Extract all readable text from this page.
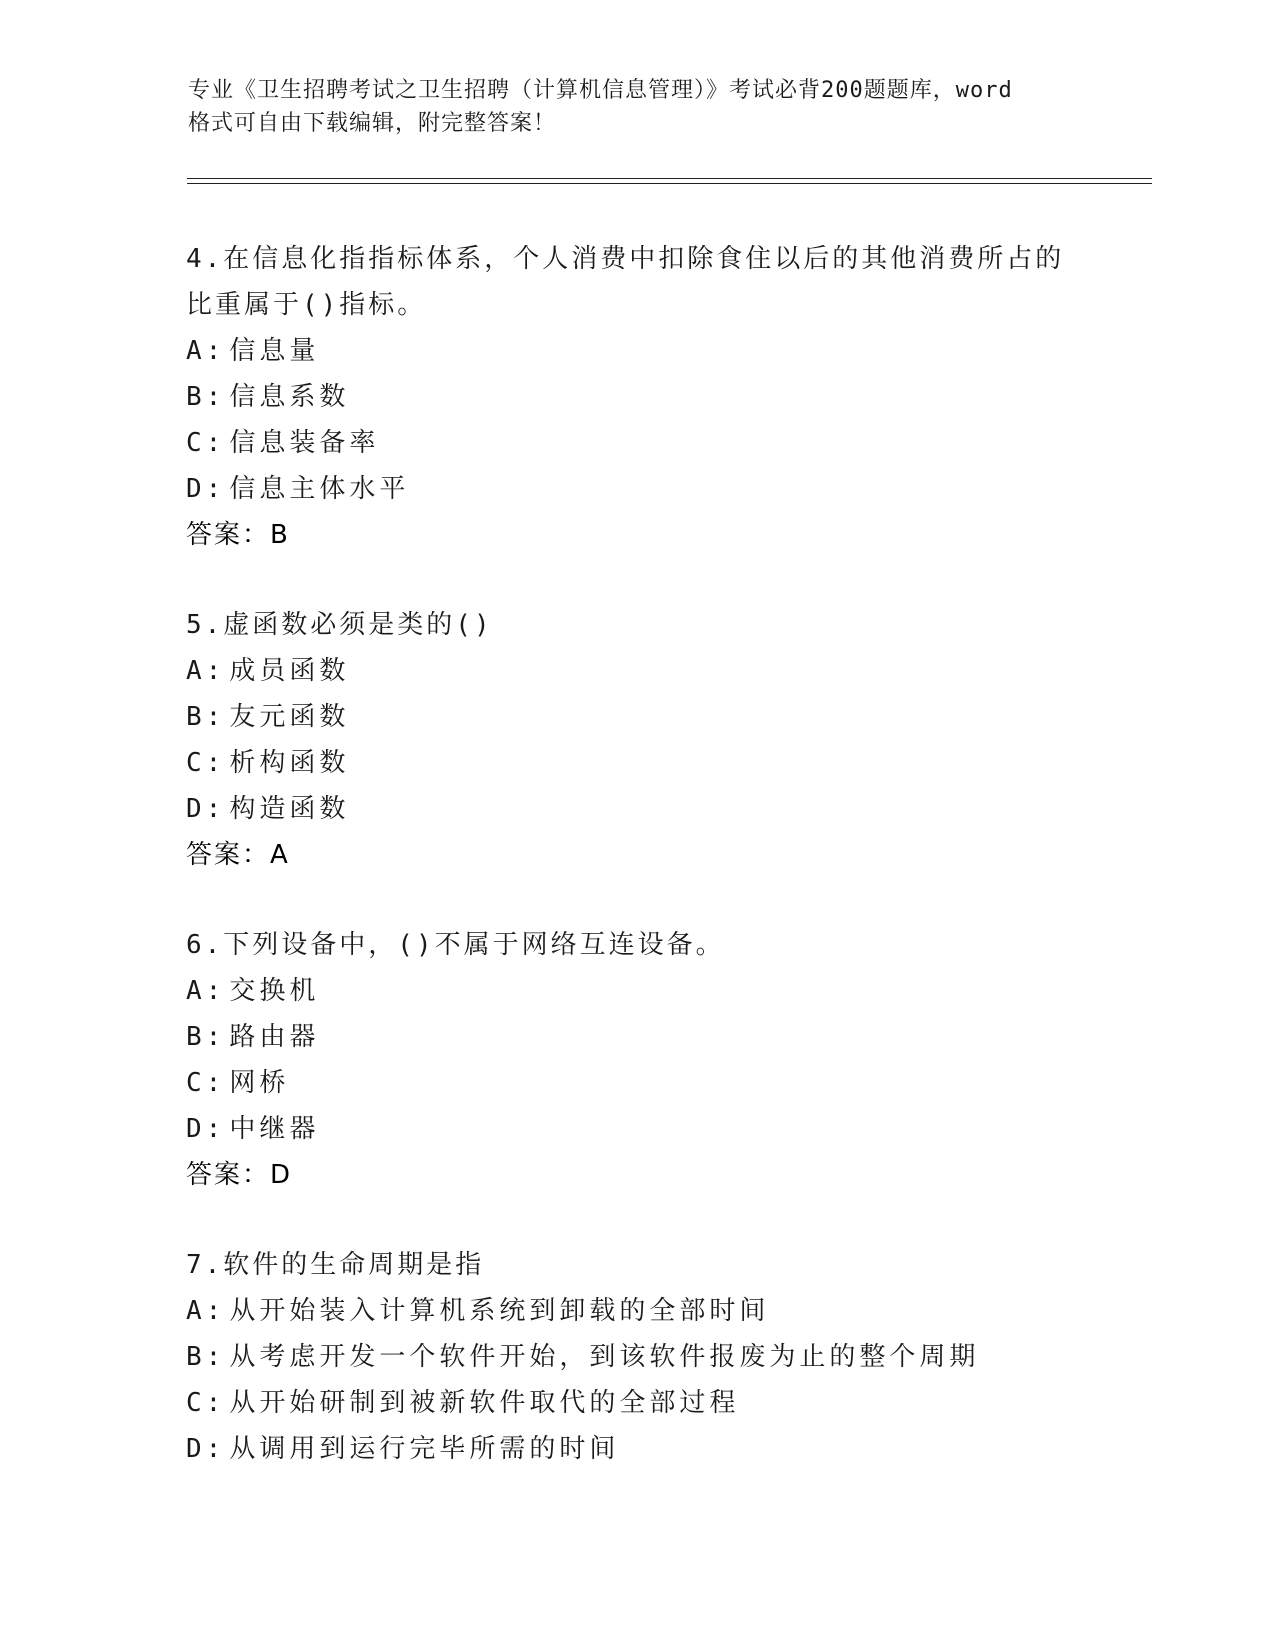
专业《卫生招聘考试之卫生招聘（计算机信息管理）》考试必背200题题库，word
格式可自由下载编辑，附完整答案！
4.在信息化指指标体系，个人消费中扣除食住以后的其他消费所占的
比重属于()指标。
A: 信息量
B: 信息系数
C: 信息装备率
D: 信息主体水平
答案：B
5.虚函数必须是类的()
A: 成员函数
B: 友元函数
C: 析构函数
D: 构造函数
答案：A
6.下列设备中，()不属于网络互连设备。
A: 交换机
B: 路由器
C: 网桥
D: 中继器
答案：D
7.软件的生命周期是指
A: 从开始装入计算机系统到卸载的全部时间
B: 从考虑开发一个软件开始，到该软件报废为止的整个周期
C: 从开始研制到被新软件取代的全部过程
D: 从调用到运行完毕所需的时间
